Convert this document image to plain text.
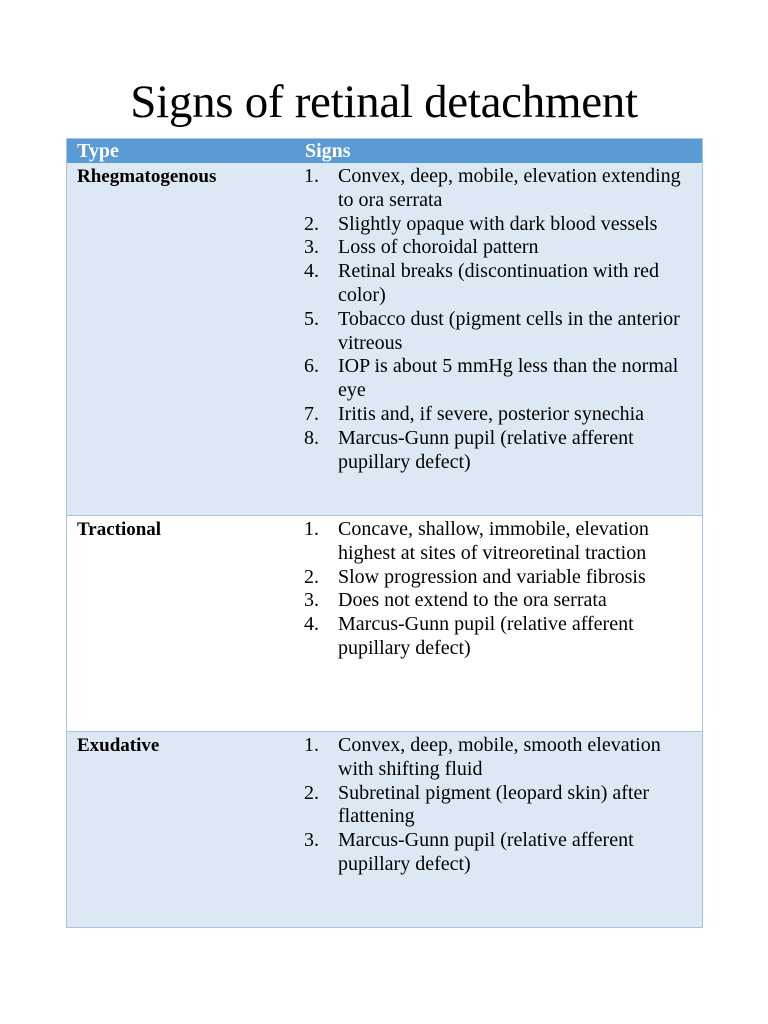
Signs of retinal detachment
Type	Signs
Rhegmatogenous	1. Convex, deep, mobile, elevation extending to ora serrata
2. Slightly opaque with dark blood vessels
3. Loss of choroidal pattern
4. Retinal breaks (discontinuation with red color)
5. Tobacco dust (pigment cells in the anterior vitreous
6. IOP is about 5 mmHg less than the normal eye
7. Iritis and, if severe, posterior synechia
8. Marcus-Gunn pupil (relative afferent pupillary defect)
Tractional	1. Concave, shallow, immobile, elevation highest at sites of vitreoretinal traction
2. Slow progression and variable fibrosis
3. Does not extend to the ora serrata
4. Marcus-Gunn pupil (relative afferent pupillary defect)
Exudative	1. Convex, deep, mobile, smooth elevation with shifting fluid
2. Subretinal pigment (leopard skin) after flattening
3. Marcus-Gunn pupil (relative afferent pupillary defect)
